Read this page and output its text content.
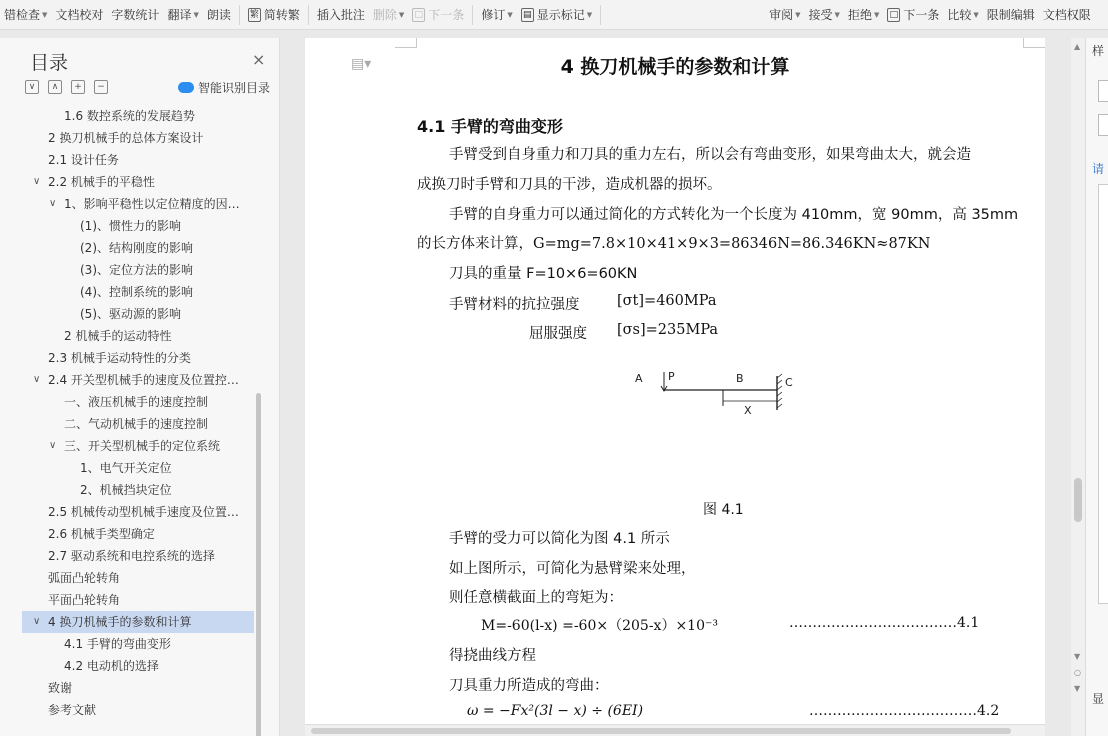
错检查 ▼ 文档校对 字数统计 翻译 ▼ 朗读 繁 简转繁 插入批注 删除 ▼ □ 下一条 修订 ▼ ▤ 显示标记 ▼	审阅 ▼ 接受 ▼ 拒绝 ▼ □ 下一条 比较 ▼ 限制编辑 文档权限
目录	×
∨	∧	+	−	智能识别目录
1.6 数控系统的发展趋势
2 换刀机械手的总体方案设计
2.1 设计任务
∨ 2.2 机械手的平稳性
∨ 1、影响平稳性以定位精度的因…
(1)、惯性力的影响
(2)、结构刚度的影响
(3)、定位方法的影响
(4)、控制系统的影响
(5)、驱动源的影响
2 机械手的运动特性
2.3 机械手运动特性的分类
∨ 2.4 开关型机械手的速度及位置控…
一、液压机械手的速度控制
二、气动机械手的速度控制
∨ 三、开关型机械手的定位系统
1、电气开关定位
2、机械挡块定位
2.5 机械传动型机械手速度及位置…
2.6 机械手类型确定
2.7 驱动系统和电控系统的选择
弧面凸轮转角
平面凸轮转角
∨ 4 换刀机械手的参数和计算
4.1 手臂的弯曲变形
4.2 电动机的选择
致谢
参考文献
▤▾	4 换刀机械手的参数和计算
4.1 手臂的弯曲变形
手臂受到自身重力和刀具的重力左右，所以会有弯曲变形，如果弯曲太大，就会造
成换刀时手臂和刀具的干涉，造成机器的损坏。
手臂的自身重力可以通过简化的方式转化为一个长度为 410mm，宽 90mm，高 35mm
的长方体来计算，G=mg=7.8×10×41×9×3=86346N=86.346KN≈87KN
刀具的重量 F=10×6=60KN
手臂材料的抗拉强度	[σt]=460MPa
屈服强度 [σs]=235MPa
A P	B	C
X
图 4.1
手臂的受力可以简化为图 4.1 所示
如上图所示，可简化为悬臂梁来处理，
则任意横截面上的弯矩为：
M=-60(l-x) =-60×（205-x）×10⁻³	………………………………4.1
得挠曲线方程
刀具重力所造成的弯曲：
ω = −Fx²(3l − x) ÷ (6EI)	………………………………4.2
▲
▼
○
▼
样
请
显
